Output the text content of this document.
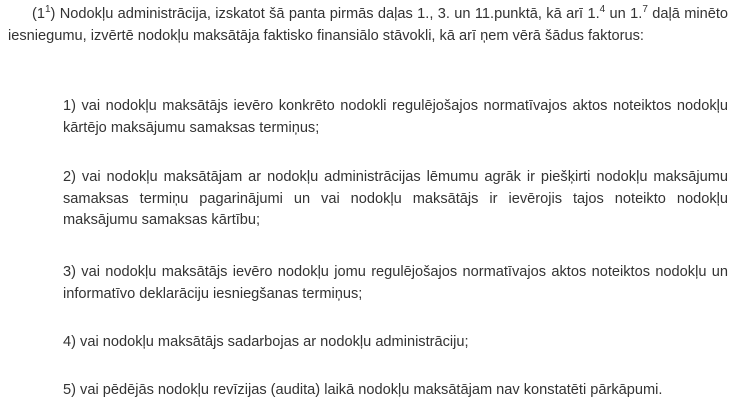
$(1^1)$ Nodokļu administrācija, izskatot šā panta pirmās daļas 1., 3. un 11.punktā, kā arī 1.$^4$ un 1.$^7$ daļā minēto iesniegumu, izvērtē nodokļu maksātāja faktisko finansiālo stāvokli, kā arī ņem vērā šādus faktorus:

1) vai nodokļu maksātājs ievēro konkrēto nodokli regulējošajos normatīvajos aktos noteiktos nodokļu kārtējo maksājumu samaksas termiņus;

2) vai nodokļu maksātājam ar nodokļu administrācijas lēmumu agrāk ir piešķirti nodokļu maksājumu samaksas termiņu pagarinājumi un vai nodokļu maksātājs ir ievērojis tajos noteikto nodokļu maksājumu samaksas kārtību;

3) vai nodokļu maksātājs ievēro nodokļu jomu regulējošajos normatīvajos aktos noteiktos nodokļu un informatīvo deklarāciju iesniegšanas termiņus;

4) vai nodokļu maksātājs sadarbojas ar nodokļu administrāciju;

5) vai pēdējās nodokļu revīzijas (audita) laikā nodokļu maksātājam nav konstatēti pārkāpumi.
